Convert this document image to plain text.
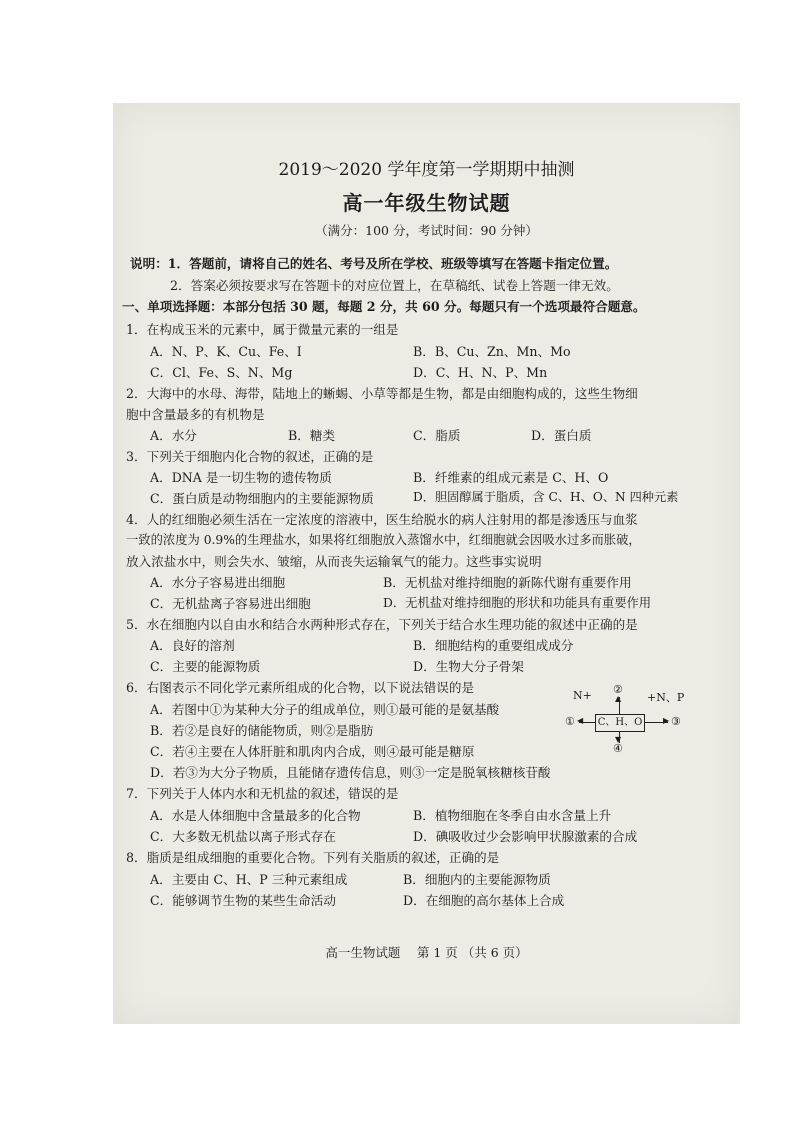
2019～2020 学年度第一学期期中抽测
高一年级生物试题
（满分：100 分，考试时间：90 分钟）
说明：1．答题前，请将自己的姓名、考号及所在学校、班级等填写在答题卡指定位置。
2．答案必须按要求写在答题卡的对应位置上，在草稿纸、试卷上答题一律无效。
一、单项选择题：本部分包括 30 题，每题 2 分，共 60 分。每题只有一个选项最符合题意。
1．在构成玉米的元素中，属于微量元素的一组是
A．N、P、K、Cu、Fe、I	B．B、Cu、Zn、Mn、Mo
C．Cl、Fe、S、N、Mg	D．C、H、N、P、Mn
2．大海中的水母、海带，陆地上的蜥蜴、小草等都是生物，都是由细胞构成的，这些生物细
胞中含量最多的有机物是
A．水分	B．糖类	C．脂质	D．蛋白质
3．下列关于细胞内化合物的叙述，正确的是
A．DNA 是一切生物的遗传物质	B．纤维素的组成元素是 C、H、O
C．蛋白质是动物细胞内的主要能源物质	D．胆固醇属于脂质，含 C、H、O、N 四种元素
4．人的红细胞必须生活在一定浓度的溶液中，医生给脱水的病人注射用的都是渗透压与血浆
一致的浓度为 0.9%的生理盐水，如果将红细胞放入蒸馏水中，红细胞就会因吸水过多而胀破，
放入浓盐水中，则会失水、皱缩，从而丧失运输氧气的能力。这些事实说明
A．水分子容易进出细胞	B．无机盐对维持细胞的新陈代谢有重要作用
C．无机盐离子容易进出细胞	D．无机盐对维持细胞的形状和功能具有重要作用
5．水在细胞内以自由水和结合水两种形式存在，下列关于结合水生理功能的叙述中正确的是
A．良好的溶剂	B．细胞结构的重要组成成分
C．主要的能源物质	D．生物大分子骨架
6．右图表示不同化学元素所组成的化合物，以下说法错误的是
A．若图中①为某种大分子的组成单位，则①最可能的是氨基酸
B．若②是良好的储能物质，则②是脂肪
C．若④主要在人体肝脏和肌肉内合成，则④最可能是糖原
D．若③为大分子物质，且能储存遗传信息，则③一定是脱氧核糖核苷酸
N+ ②
+N、P
▲
① ◀ C、H、O	▶ ③
▼
④
7．下列关于人体内水和无机盐的叙述，错误的是
A．水是人体细胞中含量最多的化合物	B．植物细胞在冬季自由水含量上升
C．大多数无机盐以离子形式存在	D．碘吸收过少会影响甲状腺激素的合成
8．脂质是组成细胞的重要化合物。下列有关脂质的叙述，正确的是
A．主要由 C、H、P 三种元素组成	B．细胞内的主要能源物质
C．能够调节生物的某些生命活动	D．在细胞的高尔基体上合成
高一生物试题　 第 1 页 （共 6 页）
